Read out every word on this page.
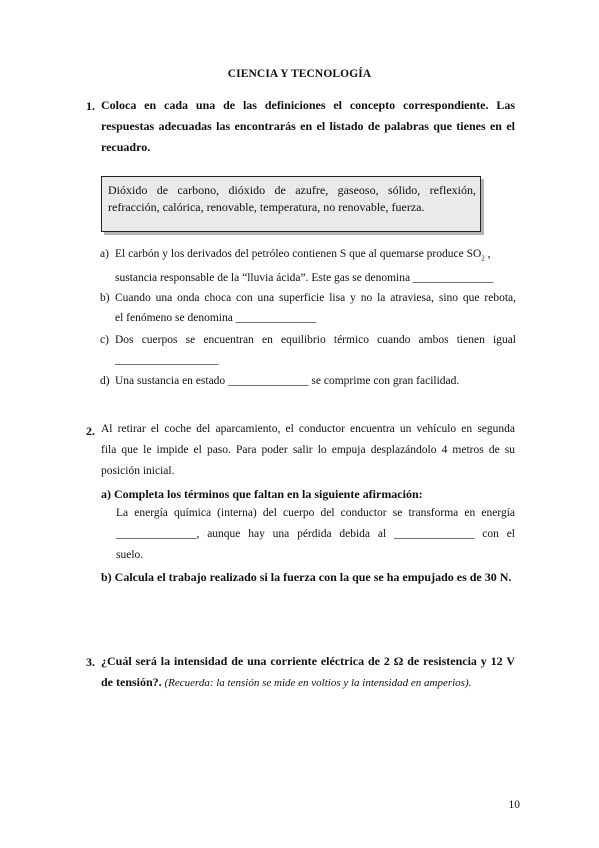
CIENCIA Y TECNOLOGÍA
1. Coloca en cada una de las definiciones el concepto correspondiente. Las
respuestas adecuadas las encontrarás en el listado de palabras que tienes en el
recuadro.
Dióxido de carbono, dióxido de azufre, gaseoso, sólido, reflexión,
refracción, calórica, renovable, temperatura, no renovable, fuerza.
a) El carbón y los derivados del petróleo contienen S que al quemarse produce $SO_2$ ,
sustancia responsable de la “lluvia ácida”. Este gas se denomina ______________
b) Cuando una onda choca con una superficie lisa y no la atraviesa, sino que rebota,
el fenómeno se denomina ______________
c) Dos cuerpos se encuentran en equilibrio térmico cuando ambos tienen igual
__________________
d) Una sustancia en estado ______________ se comprime con gran facilidad.
2. Al retirar el coche del aparcamiento, el conductor encuentra un vehículo en segunda
fila que le impide el paso. Para poder salir lo empuja desplazándolo 4 metros de su
posición inicial.
a) Completa los términos que faltan en la siguiente afirmación:
La energía química (interna) del cuerpo del conductor se transforma en energía
______________, aunque hay una pérdida debida al ______________ con el
suelo.
b) Calcula el trabajo realizado si la fuerza con la que se ha empujado es de 30 N.
3. ¿Cuál será la intensidad de una corriente eléctrica de 2 Ω de resistencia y 12 V
de tensión?. (Recuerda: la tensión se mide en voltios y la intensidad en amperios).
10
